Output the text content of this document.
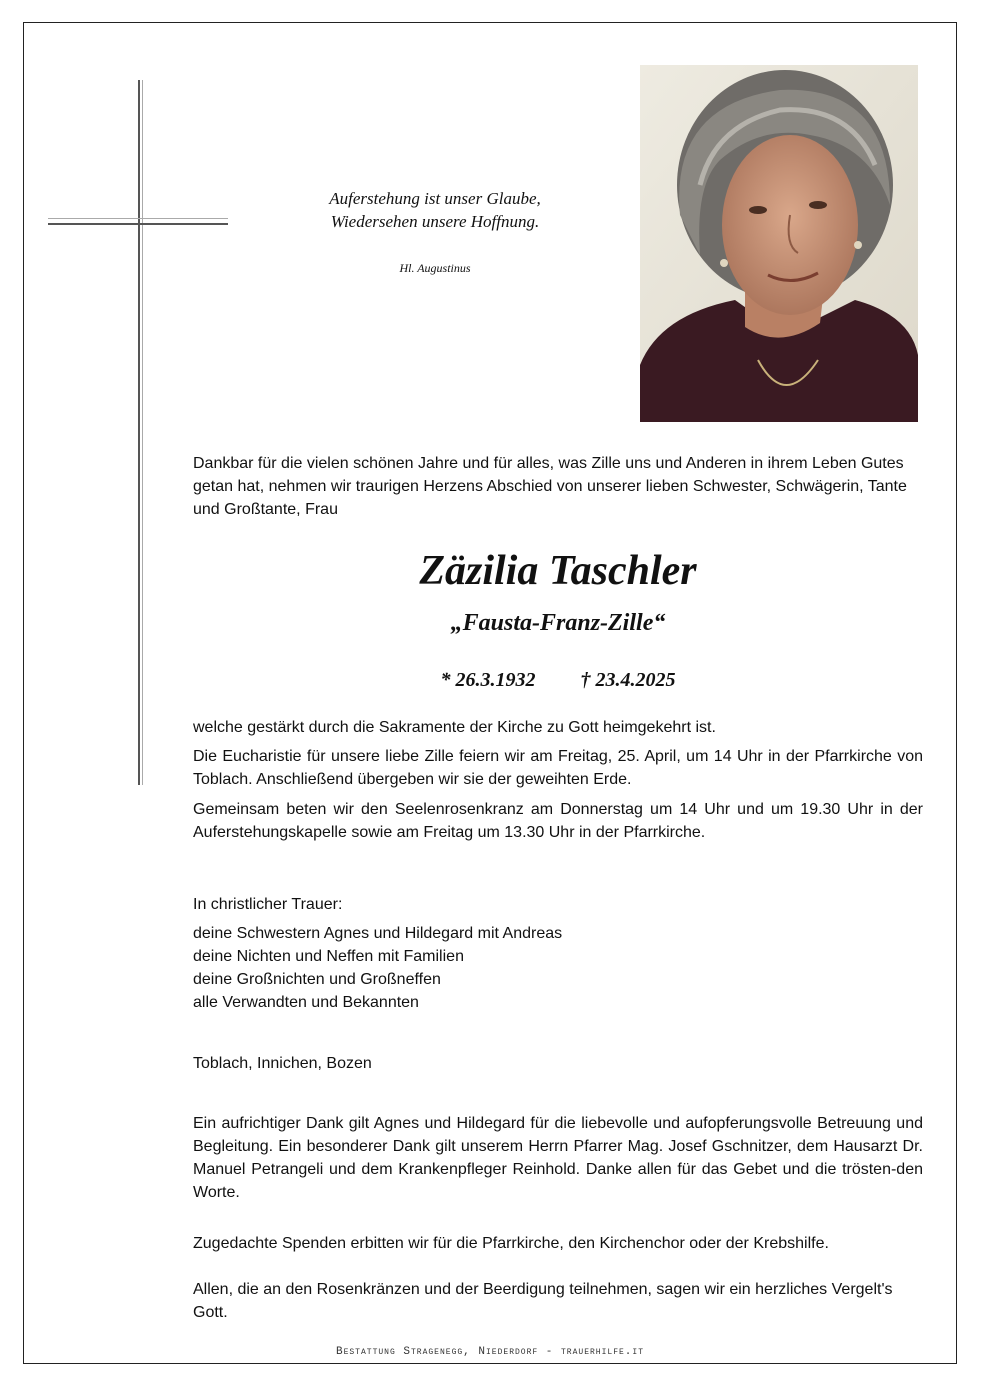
Auferstehung ist unser Glaube,
Wiedersehen unsere Hoffnung.
Hl. Augustinus
Dankbar für die vielen schönen Jahre und für alles, was Zille uns und Anderen in ihrem Leben Gutes getan hat, nehmen wir traurigen Herzens Abschied von unserer lieben Schwester, Schwägerin, Tante und Großtante, Frau
Zäzilia Taschler
„Fausta-Franz-Zille“
* 26.3.1932 † 23.4.2025
welche gestärkt durch die Sakramente der Kirche zu Gott heimgekehrt ist.
Die Eucharistie für unsere liebe Zille feiern wir am Freitag, 25. April, um 14 Uhr in der Pfarrkirche von Toblach. Anschließend übergeben wir sie der geweihten Erde.
Gemeinsam beten wir den Seelenrosenkranz am Donnerstag um 14 Uhr und um 19.30 Uhr in der Auferstehungskapelle sowie am Freitag um 13.30 Uhr in der Pfarrkirche.
In christlicher Trauer:
deine Schwestern Agnes und Hildegard mit Andreas
deine Nichten und Neffen mit Familien
deine Großnichten und Großneffen
alle Verwandten und Bekannten
Toblach, Innichen, Bozen
Ein aufrichtiger Dank gilt Agnes und Hildegard für die liebevolle und aufopferungsvolle Betreuung und Begleitung. Ein besonderer Dank gilt unserem Herrn Pfarrer Mag. Josef Gschnitzer, dem Hausarzt Dr. Manuel Petrangeli und dem Krankenpfleger Reinhold. Danke allen für das Gebet und die trösten-den Worte.
Zugedachte Spenden erbitten wir für die Pfarrkirche, den Kirchenchor oder der Krebshilfe.
Allen, die an den Rosenkränzen und der Beerdigung teilnehmen, sagen wir ein herzliches Vergelt's Gott.
Bestattung Stragenegg, Niederdorf - trauerhilfe.it
